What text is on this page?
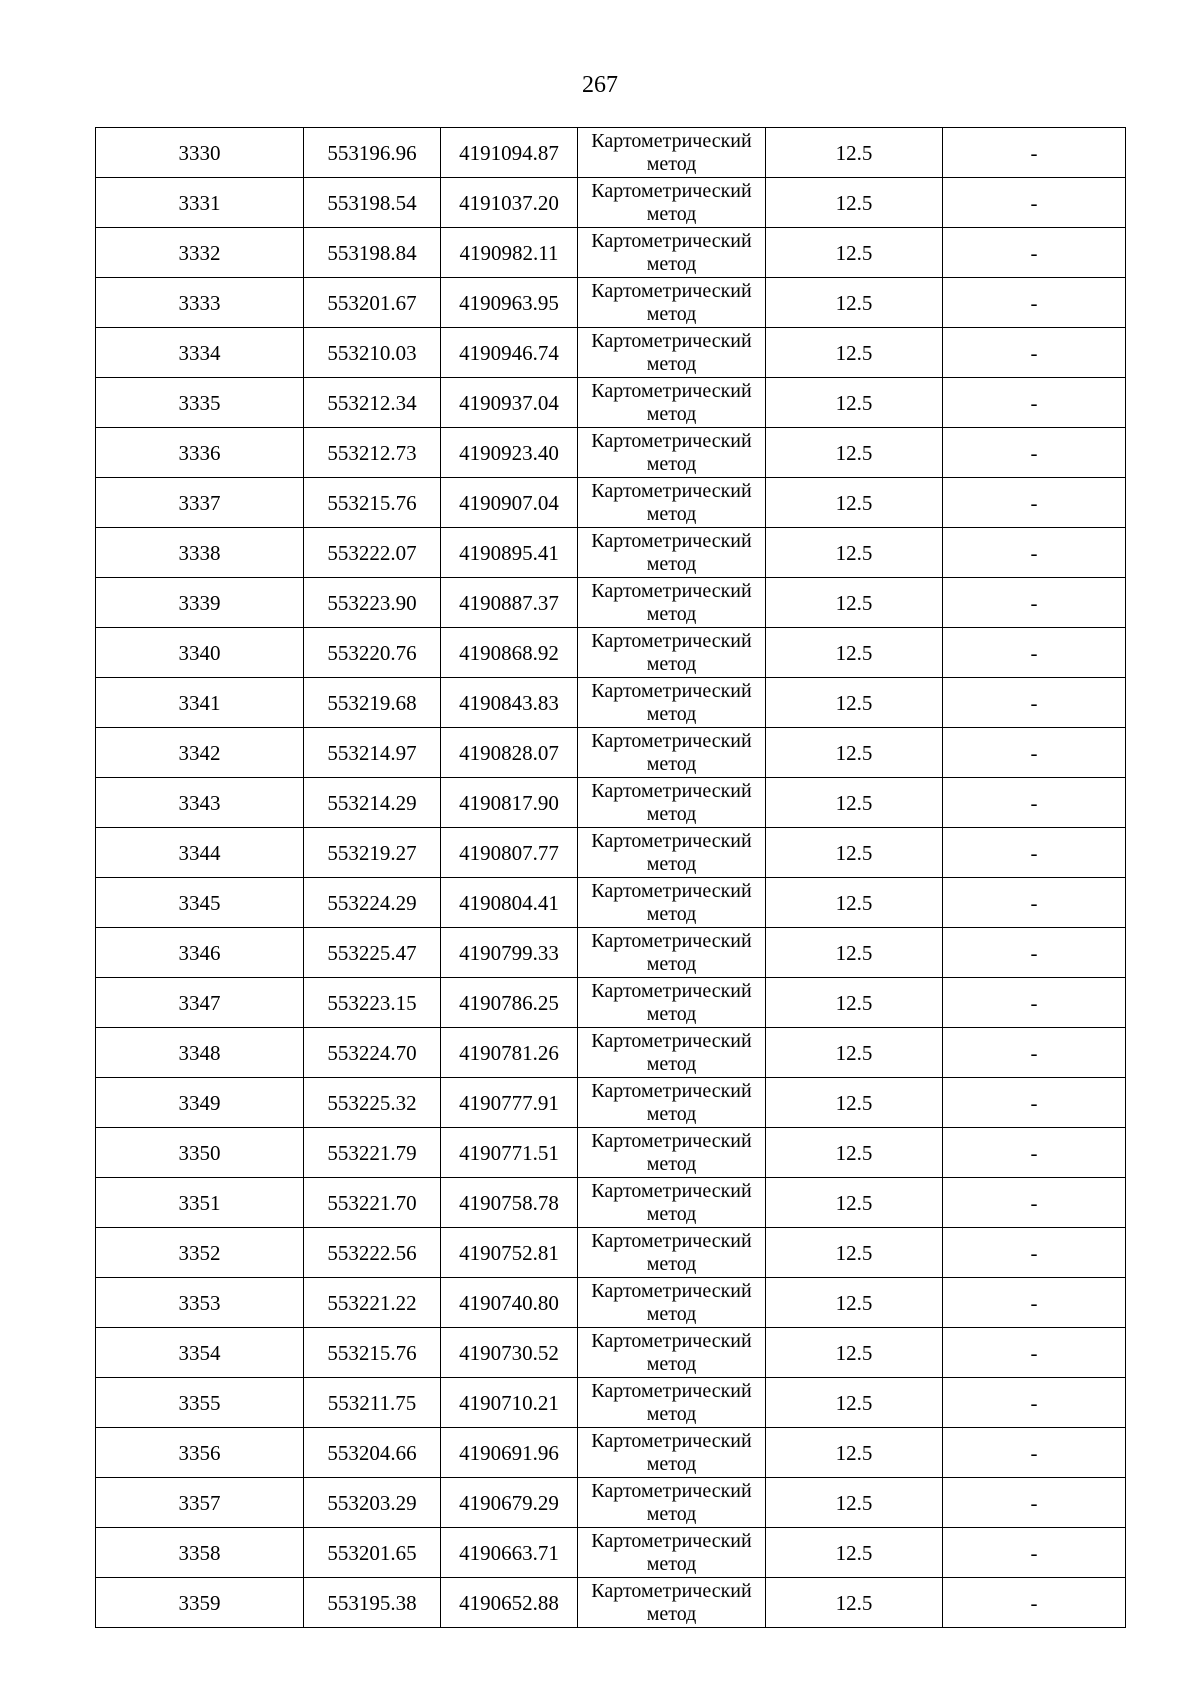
267
3330	553196.96	4191094.87	Картометрический
метод	12.5	-
3331	553198.54	4191037.20	Картометрический
метод	12.5	-
3332	553198.84	4190982.11	Картометрический
метод	12.5	-
3333	553201.67	4190963.95	Картометрический
метод	12.5	-
3334	553210.03	4190946.74	Картометрический
метод	12.5	-
3335	553212.34	4190937.04	Картометрический
метод	12.5	-
3336	553212.73	4190923.40	Картометрический
метод	12.5	-
3337	553215.76	4190907.04	Картометрический
метод	12.5	-
3338	553222.07	4190895.41	Картометрический
метод	12.5	-
3339	553223.90	4190887.37	Картометрический
метод	12.5	-
3340	553220.76	4190868.92	Картометрический
метод	12.5	-
3341	553219.68	4190843.83	Картометрический
метод	12.5	-
3342	553214.97	4190828.07	Картометрический
метод	12.5	-
3343	553214.29	4190817.90	Картометрический
метод	12.5	-
3344	553219.27	4190807.77	Картометрический
метод	12.5	-
3345	553224.29	4190804.41	Картометрический
метод	12.5	-
3346	553225.47	4190799.33	Картометрический
метод	12.5	-
3347	553223.15	4190786.25	Картометрический
метод	12.5	-
3348	553224.70	4190781.26	Картометрический
метод	12.5	-
3349	553225.32	4190777.91	Картометрический
метод	12.5	-
3350	553221.79	4190771.51	Картометрический
метод	12.5	-
3351	553221.70	4190758.78	Картометрический
метод	12.5	-
3352	553222.56	4190752.81	Картометрический
метод	12.5	-
3353	553221.22	4190740.80	Картометрический
метод	12.5	-
3354	553215.76	4190730.52	Картометрический
метод	12.5	-
3355	553211.75	4190710.21	Картометрический
метод	12.5	-
3356	553204.66	4190691.96	Картометрический
метод	12.5	-
3357	553203.29	4190679.29	Картометрический
метод	12.5	-
3358	553201.65	4190663.71	Картометрический
метод	12.5	-
3359	553195.38	4190652.88	Картометрический
метод	12.5	-
